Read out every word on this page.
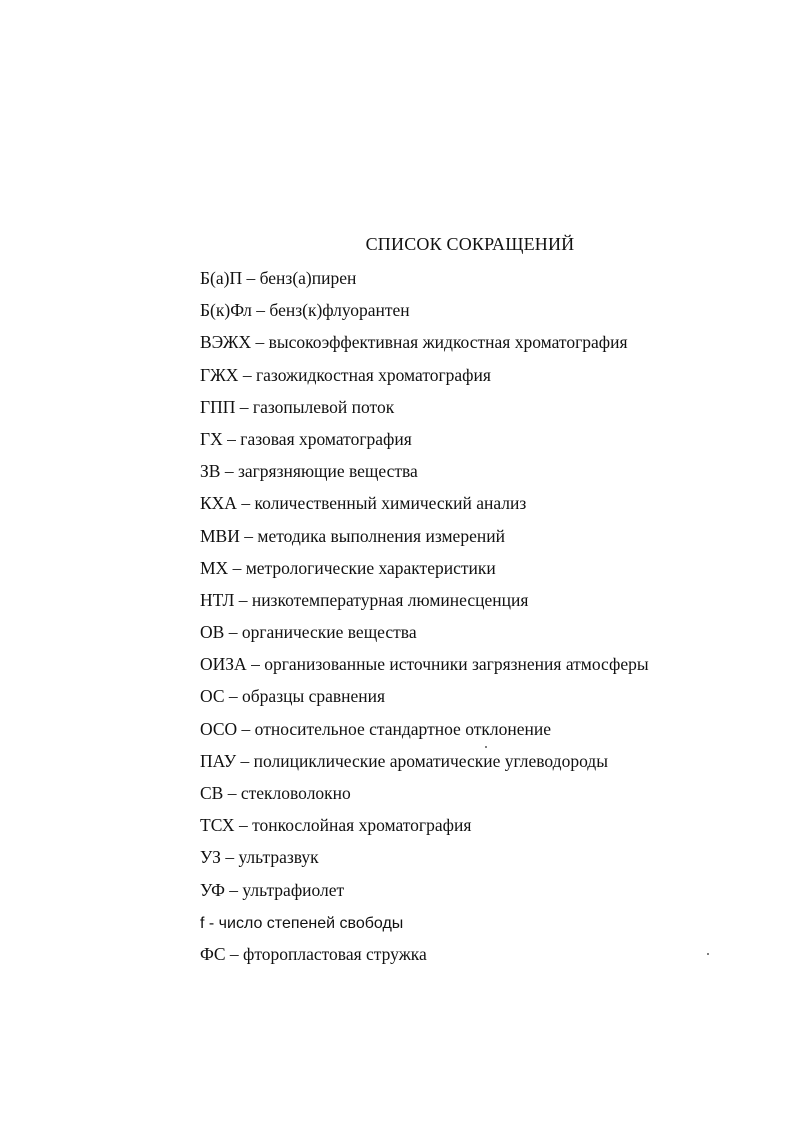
СПИСОК СОКРАЩЕНИЙ
Б(а)П – бенз(а)пирен
Б(к)Фл – бенз(к)флуорантен
ВЭЖХ – высокоэффективная жидкостная хроматография
ГЖХ – газожидкостная хроматография
ГПП – газопылевой поток
ГХ – газовая хроматография
ЗВ – загрязняющие вещества
КХА – количественный химический анализ
МВИ – методика выполнения измерений
МХ – метрологические характеристики
НТЛ – низкотемпературная люминесценция
ОВ – органические вещества
ОИЗА – организованные источники загрязнения атмосферы
ОС – образцы сравнения
ОСО – относительное стандартное отклонение
ПАУ – полициклические ароматические углеводороды
СВ – стекловолокно
ТСХ – тонкослойная хроматография
УЗ – ультразвук
УФ – ультрафиолет
f - число степеней свободы
ФС – фторопластовая стружка
